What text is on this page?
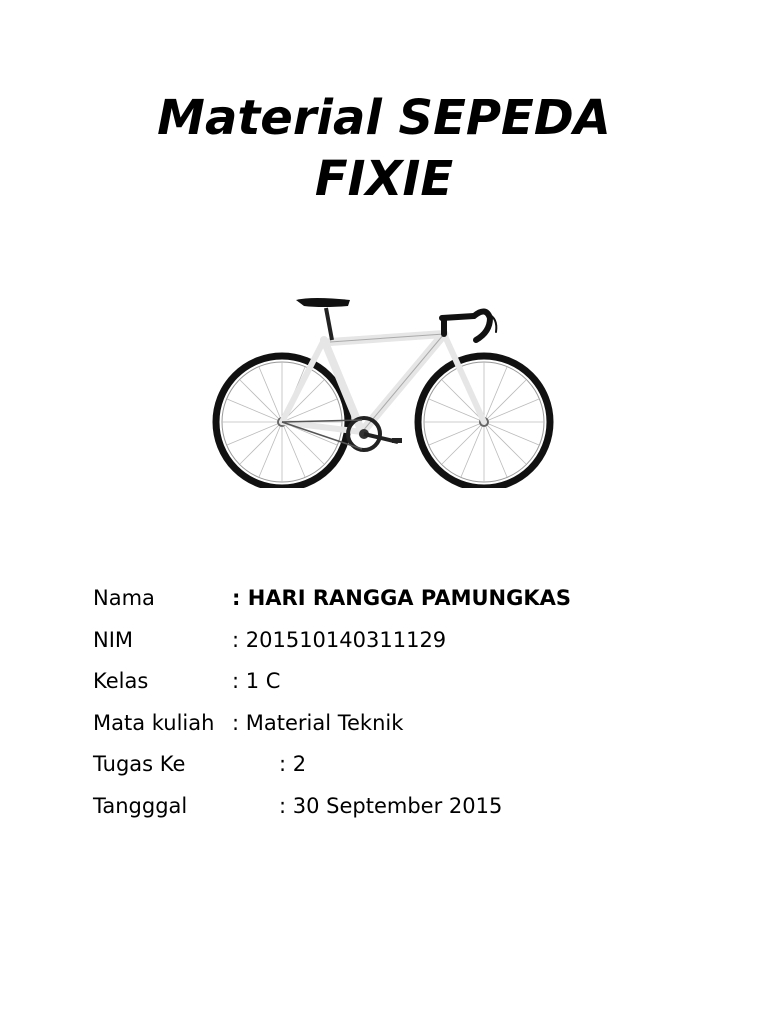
Material SEPEDA
FIXIE
Nama	: HARI RANGGA PAMUNGKAS
NIM	: 201510140311129
Kelas	: 1 C
Mata kuliah : Material Teknik
Tugas Ke	: 2
Tangggal	: 30 September 2015
